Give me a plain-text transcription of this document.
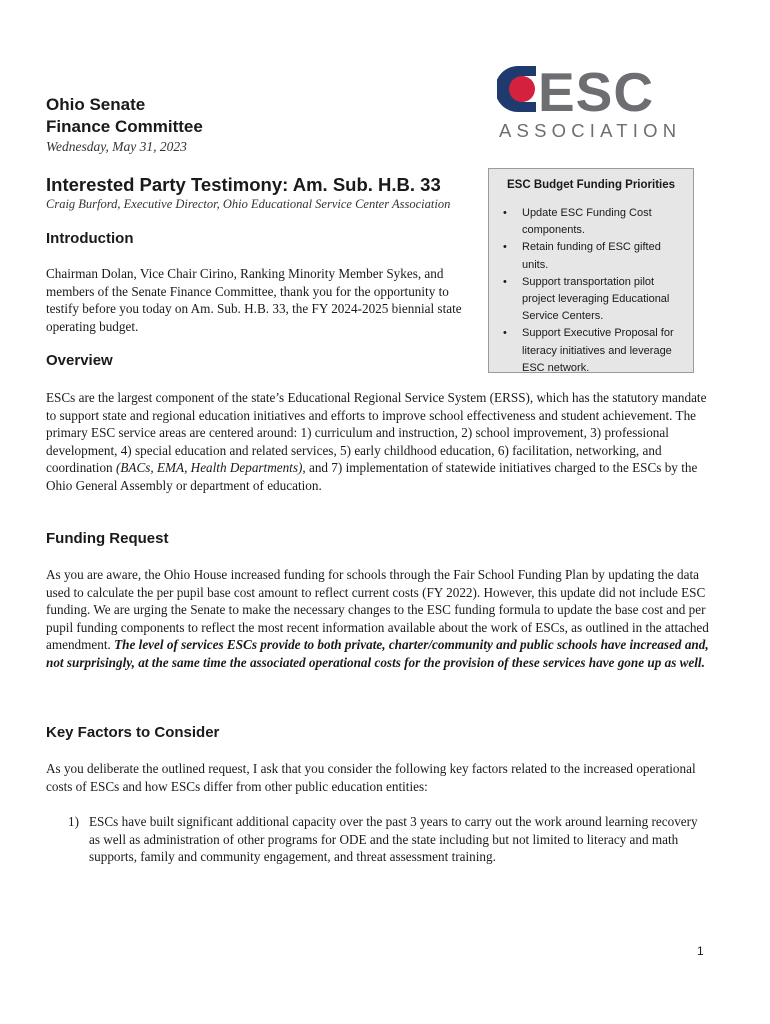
Ohio Senate
Finance Committee
Wednesday, May 31, 2023
ESC
ASSOCIATION
Interested Party Testimony: Am. Sub. H.B. 33
Craig Burford, Executive Director, Ohio Educational Service Center Association
ESC Budget Funding Priorities
• Update ESC Funding Cost components.
• Retain funding of ESC gifted units.
• Support transportation pilot project leveraging Educational Service Centers.
• Support Executive Proposal for literacy initiatives and leverage ESC network.
Introduction

Chairman Dolan, Vice Chair Cirino, Ranking Minority Member Sykes, and members of the Senate Finance Committee, thank you for the opportunity to testify before you today on Am. Sub. H.B. 33, the FY 2024-2025 biennial state operating budget.

Overview

ESCs are the largest component of the state’s Educational Regional Service System (ERSS), which has the statutory mandate to support state and regional education initiatives and efforts to improve school effectiveness and student achievement. The primary ESC service areas are centered around: 1) curriculum and instruction, 2) school improvement, 3) professional development, 4) special education and related services, 5) early childhood education, 6) facilitation, networking, and coordination (BACs, EMA, Health Departments), and 7) implementation of statewide initiatives charged to the ESCs by the Ohio General Assembly or department of education.

Funding Request

As you are aware, the Ohio House increased funding for schools through the Fair School Funding Plan by updating the data used to calculate the per pupil base cost amount to reflect current costs (FY 2022). However, this update did not include ESC funding. We are urging the Senate to make the necessary changes to the ESC funding formula to update the base cost and per pupil funding components to reflect the most recent information available about the work of ESCs, as outlined in the attached amendment. The level of services ESCs provide to both private, charter/community and public schools have increased and, not surprisingly, at the same time the associated operational costs for the provision of these services have gone up as well.

Key Factors to Consider

As you deliberate the outlined request, I ask that you consider the following key factors related to the increased operational costs of ESCs and how ESCs differ from other public education entities:

1) ESCs have built significant additional capacity over the past 3 years to carry out the work around learning recovery as well as administration of other programs for ODE and the state including but not limited to literacy and math supports, family and community engagement, and threat assessment training.
1
